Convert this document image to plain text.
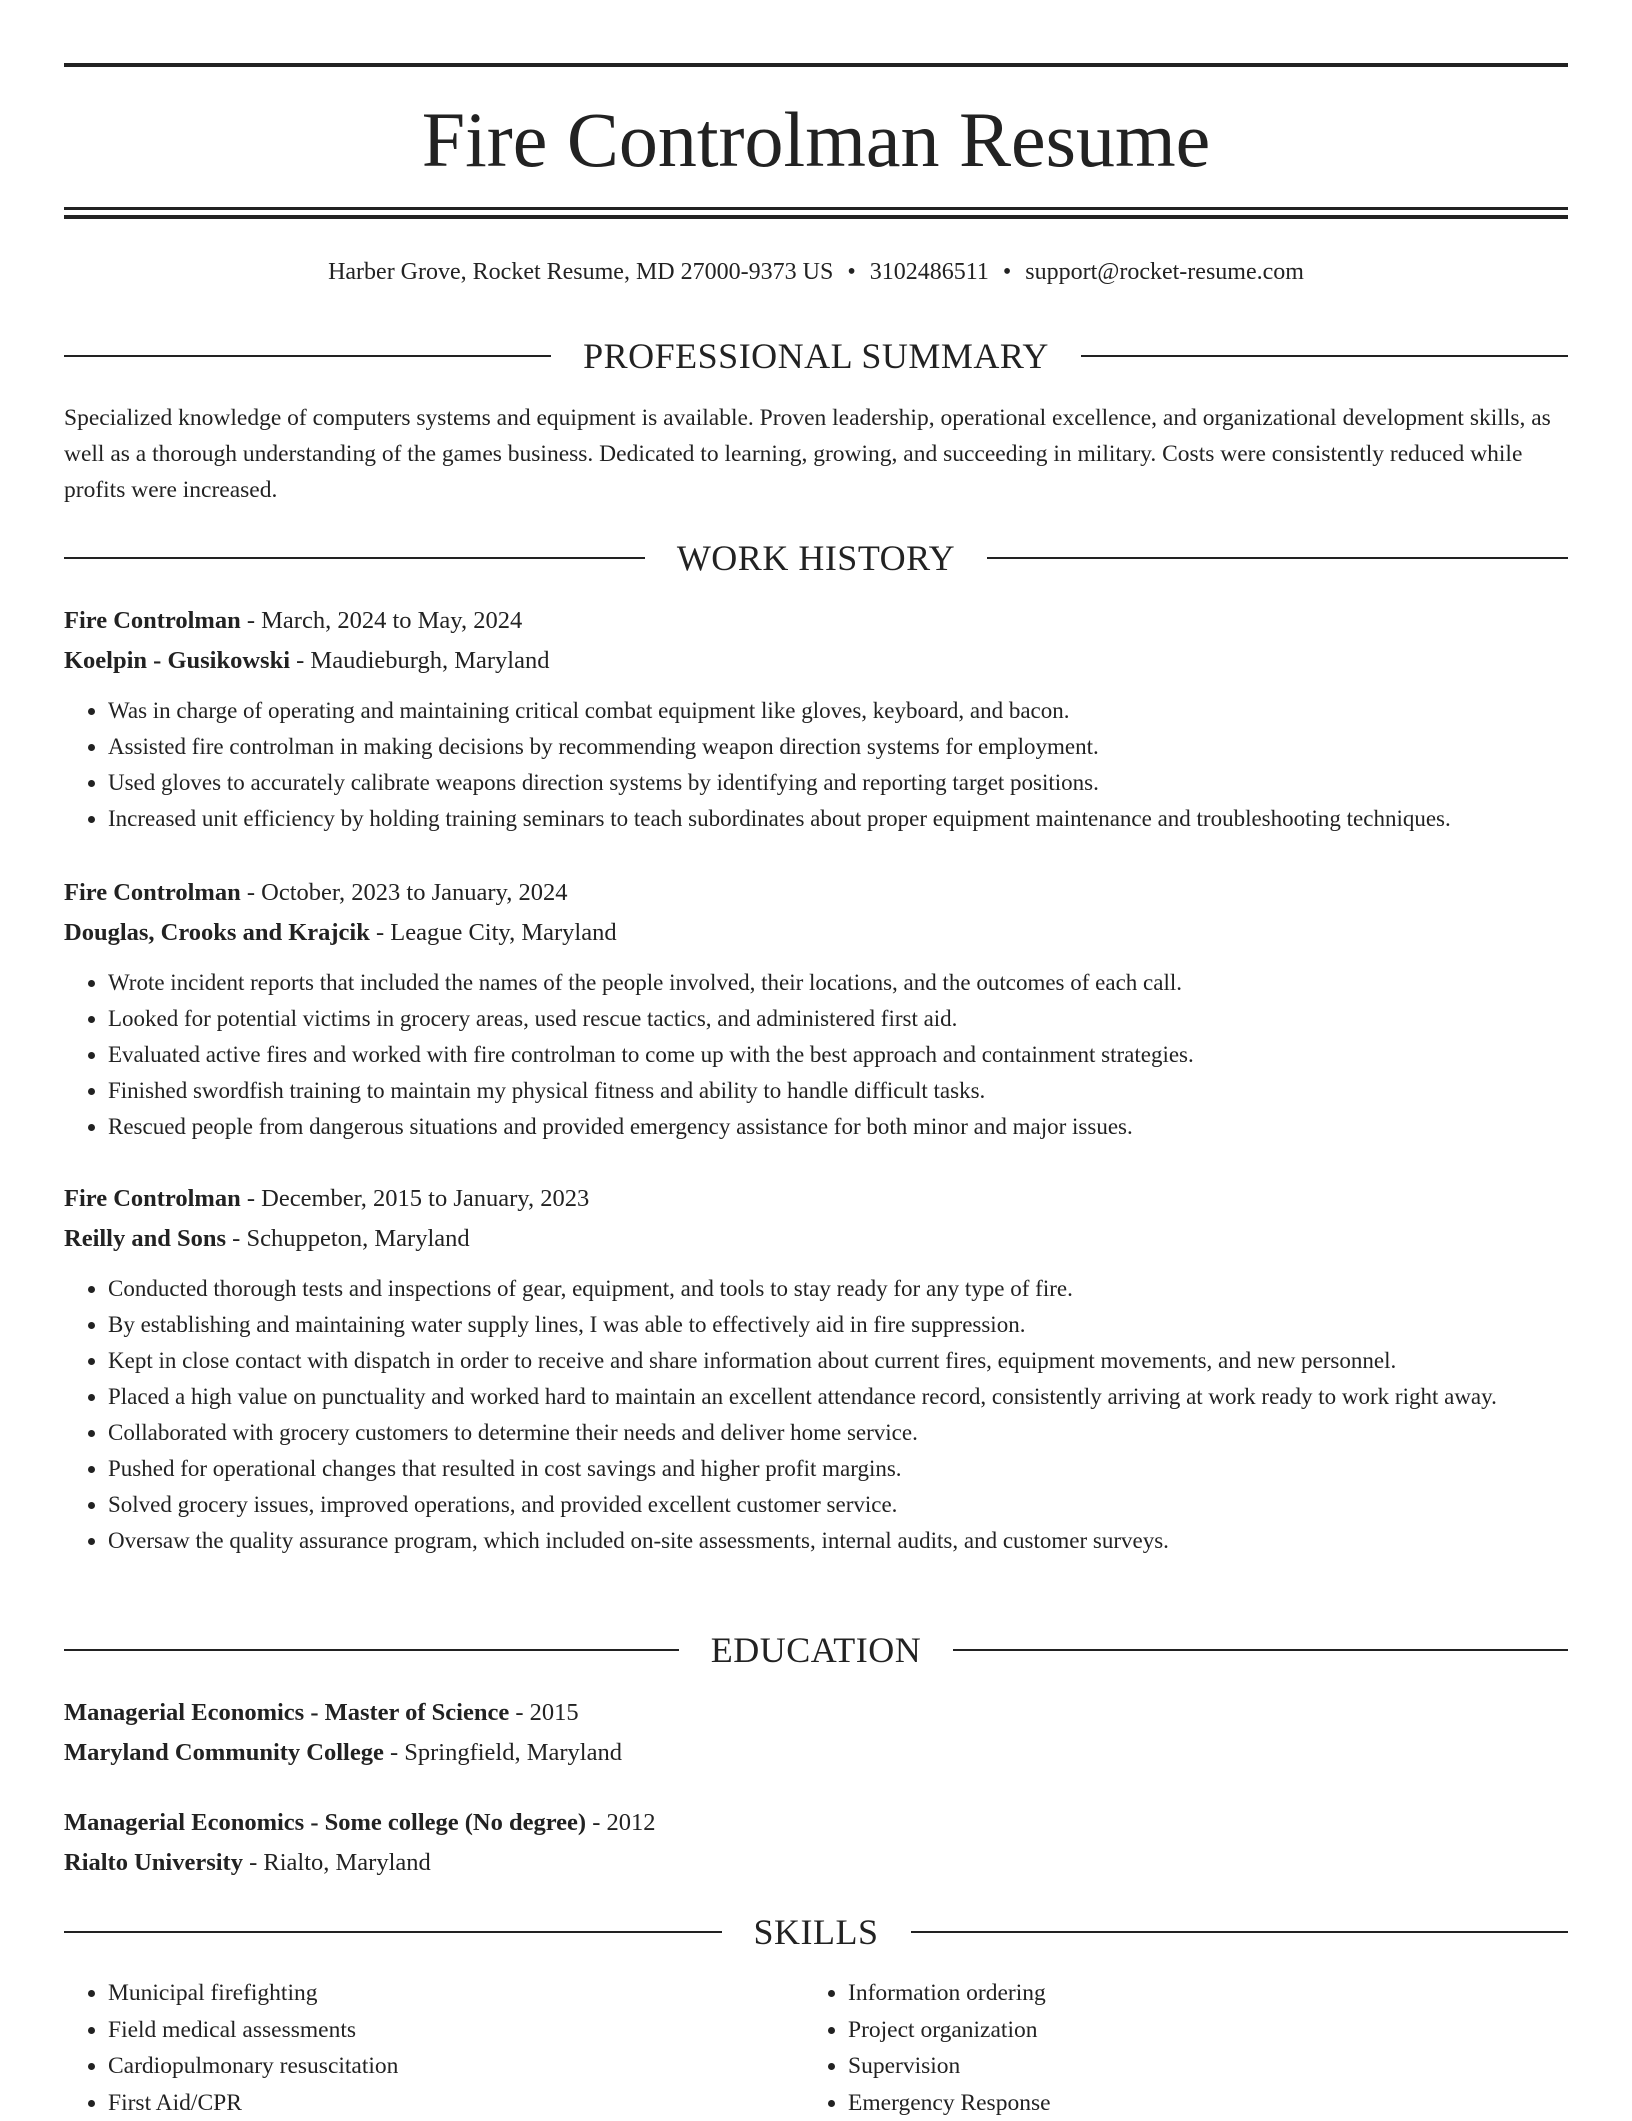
Fire Controlman Resume
Harber Grove, Rocket Resume, MD 27000-9373 US • 3102486511 • support@rocket-resume.com
PROFESSIONAL SUMMARY

Specialized knowledge of computers systems and equipment is available. Proven leadership, operational excellence, and organizational development skills, as well as a thorough understanding of the games business. Dedicated to learning, growing, and succeeding in military. Costs were consistently reduced while profits were increased.

WORK HISTORY
Fire Controlman - March, 2024 to May, 2024
Koelpin - Gusikowski - Maudieburgh, Maryland
• Was in charge of operating and maintaining critical combat equipment like gloves, keyboard, and bacon.
• Assisted fire controlman in making decisions by recommending weapon direction systems for employment.
• Used gloves to accurately calibrate weapons direction systems by identifying and reporting target positions.
• Increased unit efficiency by holding training seminars to teach subordinates about proper equipment maintenance and troubleshooting techniques.
Fire Controlman - October, 2023 to January, 2024
Douglas, Crooks and Krajcik - League City, Maryland
• Wrote incident reports that included the names of the people involved, their locations, and the outcomes of each call.
• Looked for potential victims in grocery areas, used rescue tactics, and administered first aid.
• Evaluated active fires and worked with fire controlman to come up with the best approach and containment strategies.
• Finished swordfish training to maintain my physical fitness and ability to handle difficult tasks.
• Rescued people from dangerous situations and provided emergency assistance for both minor and major issues.
Fire Controlman - December, 2015 to January, 2023
Reilly and Sons - Schuppeton, Maryland
• Conducted thorough tests and inspections of gear, equipment, and tools to stay ready for any type of fire.
• By establishing and maintaining water supply lines, I was able to effectively aid in fire suppression.
• Kept in close contact with dispatch in order to receive and share information about current fires, equipment movements, and new personnel.
• Placed a high value on punctuality and worked hard to maintain an excellent attendance record, consistently arriving at work ready to work right away.
• Collaborated with grocery customers to determine their needs and deliver home service.
• Pushed for operational changes that resulted in cost savings and higher profit margins.
• Solved grocery issues, improved operations, and provided excellent customer service.
• Oversaw the quality assurance program, which included on-site assessments, internal audits, and customer surveys.
EDUCATION
Managerial Economics - Master of Science - 2015
Maryland Community College - Springfield, Maryland
Managerial Economics - Some college (No degree) - 2012
Rialto University - Rialto, Maryland
SKILLS
• Municipal firefighting
• Field medical assessments
• Cardiopulmonary resuscitation
• First Aid/CPR
• Information ordering
• Project organization
• Supervision
• Emergency Response
